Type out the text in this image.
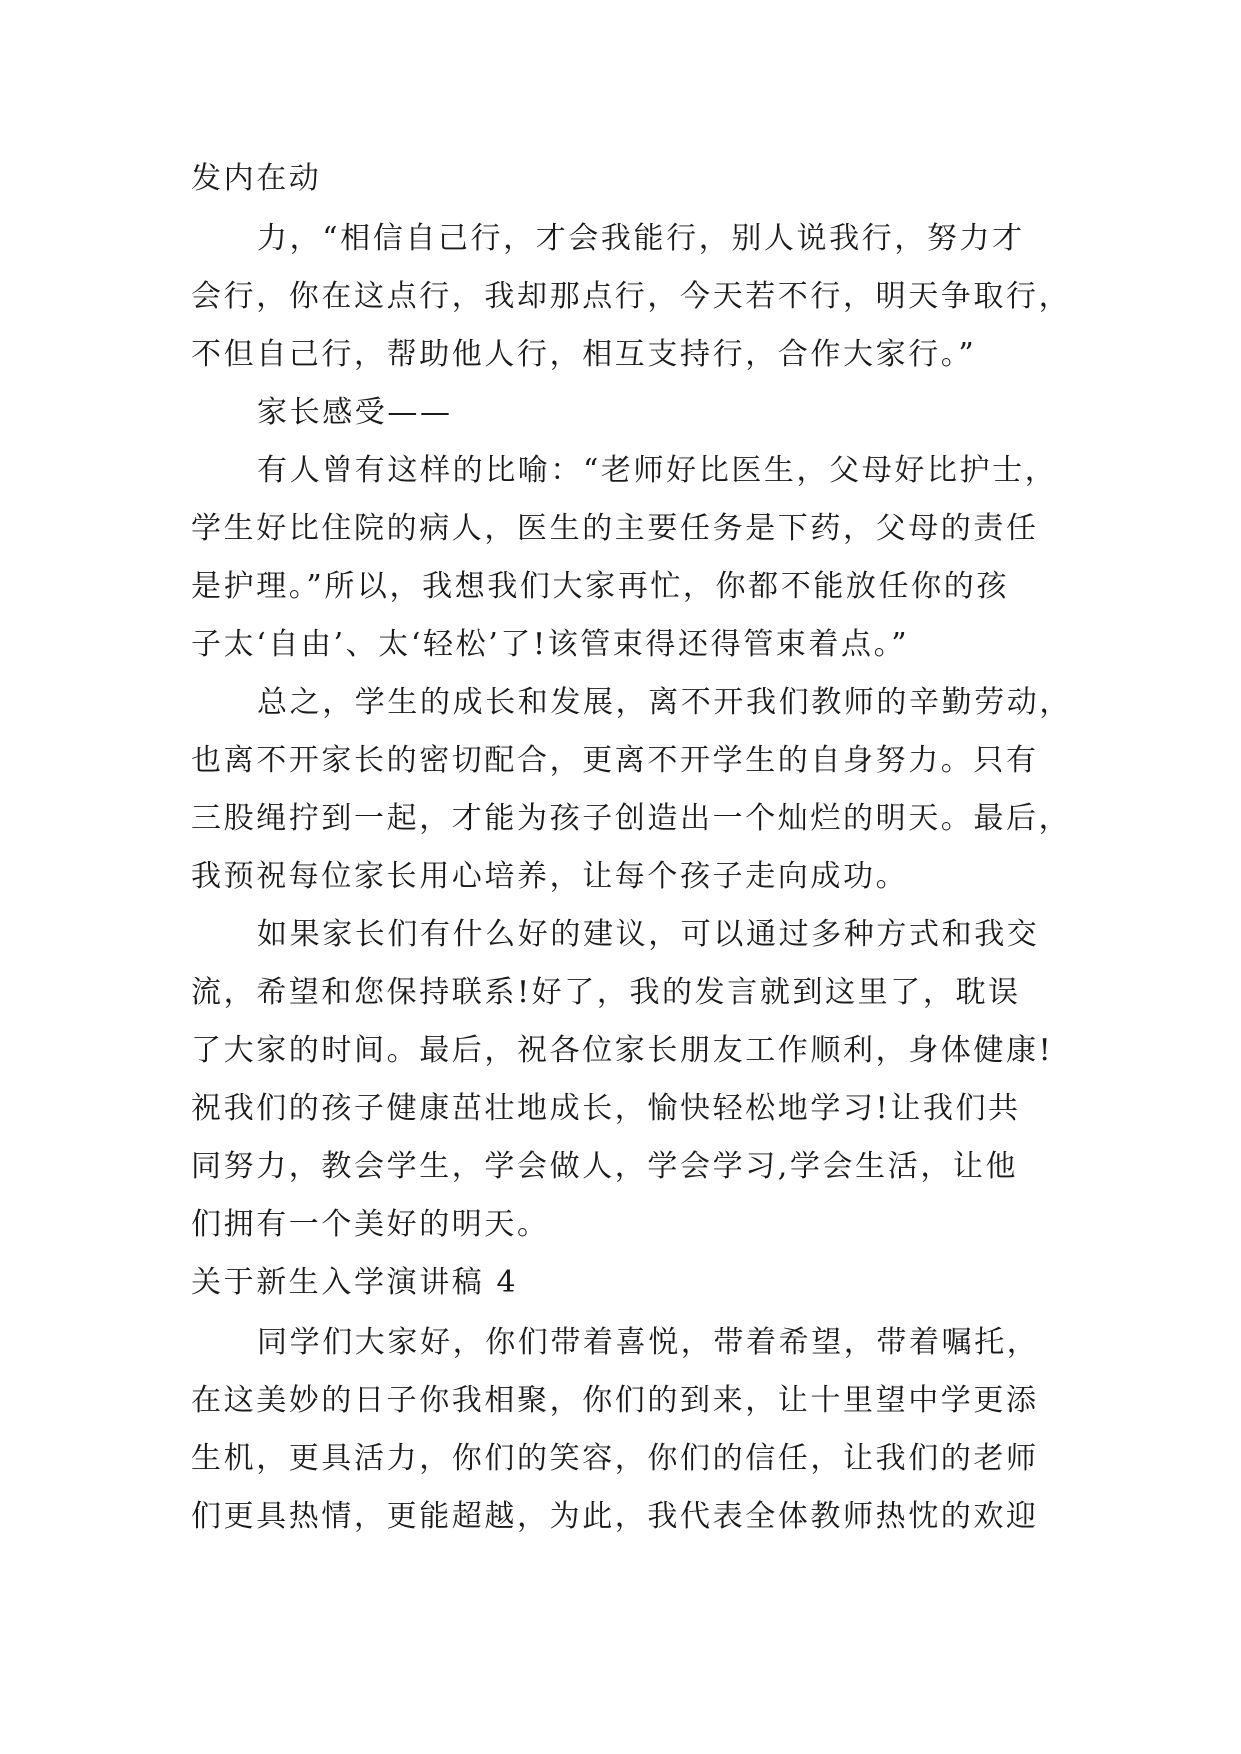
发内在动
力，“相信自己行，才会我能行，别人说我行，努力才
会行，你在这点行，我却那点行，今天若不行，明天争取行，
不但自己行，帮助他人行，相互支持行，合作大家行。”
家长感受——
有人曾有这样的比喻：“老师好比医生，父母好比护士，
学生好比住院的病人，医生的主要任务是下药，父母的责任
是护理。”所以，我想我们大家再忙，你都不能放任你的孩
子太‘自由’、太‘轻松’了!该管束得还得管束着点。”
总之，学生的成长和发展，离不开我们教师的辛勤劳动，
也离不开家长的密切配合，更离不开学生的自身努力。只有
三股绳拧到一起，才能为孩子创造出一个灿烂的明天。最后，
我预祝每位家长用心培养，让每个孩子走向成功。
如果家长们有什么好的建议，可以通过多种方式和我交
流，希望和您保持联系!好了，我的发言就到这里了，耽误
了大家的时间。最后，祝各位家长朋友工作顺利，身体健康!
祝我们的孩子健康茁壮地成长，愉快轻松地学习!让我们共
同努力，教会学生，学会做人，学会学习,学会生活，让他
们拥有一个美好的明天。
关于新生入学演讲稿 4
同学们大家好，你们带着喜悦，带着希望，带着嘱托，
在这美妙的日子你我相聚，你们的到来，让十里望中学更添
生机，更具活力，你们的笑容，你们的信任，让我们的老师
们更具热情，更能超越，为此，我代表全体教师热忱的欢迎
